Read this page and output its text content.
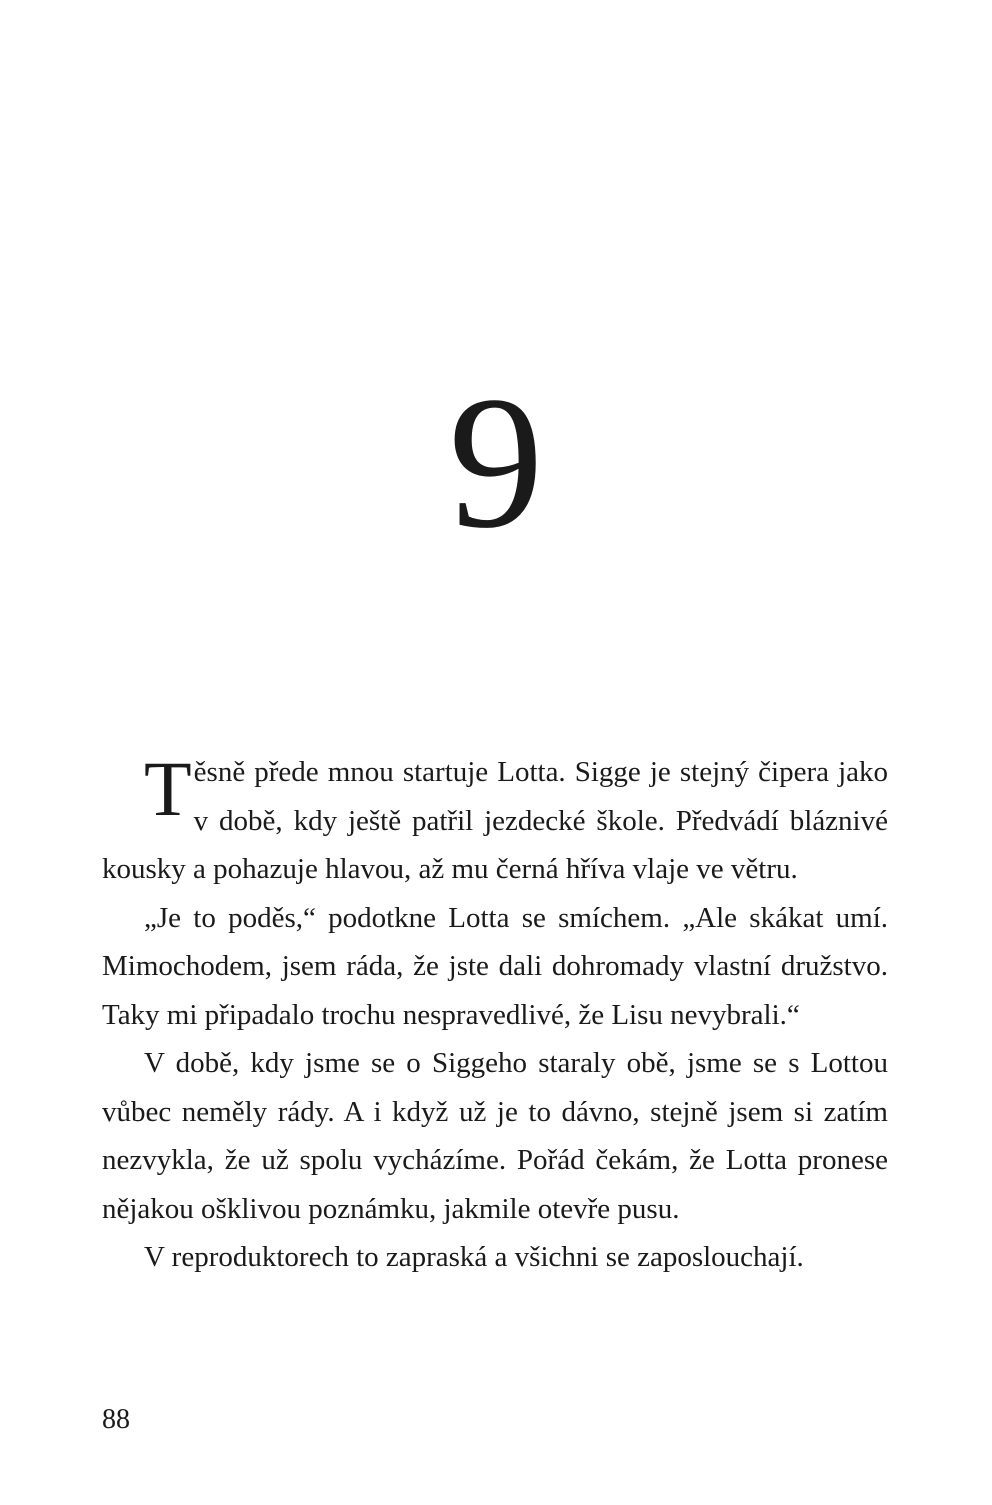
9

Těsně přede mnou startuje Lotta. Sigge je stejný čipera jako v době, kdy ještě patřil jezdecké škole. Předvádí bláznivé kousky a pohazuje hlavou, až mu černá hříva vlaje ve větru.

„Je to poděs,“ podotkne Lotta se smíchem. „Ale skákat umí. Mimochodem, jsem ráda, že jste dali dohromady vlastní družstvo. Taky mi připadalo trochu nespravedlivé, že Lisu nevybrali.“

V době, kdy jsme se o Siggeho staraly obě, jsme se s Lottou vůbec neměly rády. A i když už je to dávno, stejně jsem si zatím nezvykla, že už spolu vycházíme. Pořád čekám, že Lotta pronese nějakou ošklivou poznámku, jakmile otevře pusu.

V reproduktorech to zapraská a všichni se zaposlouchají.

88
